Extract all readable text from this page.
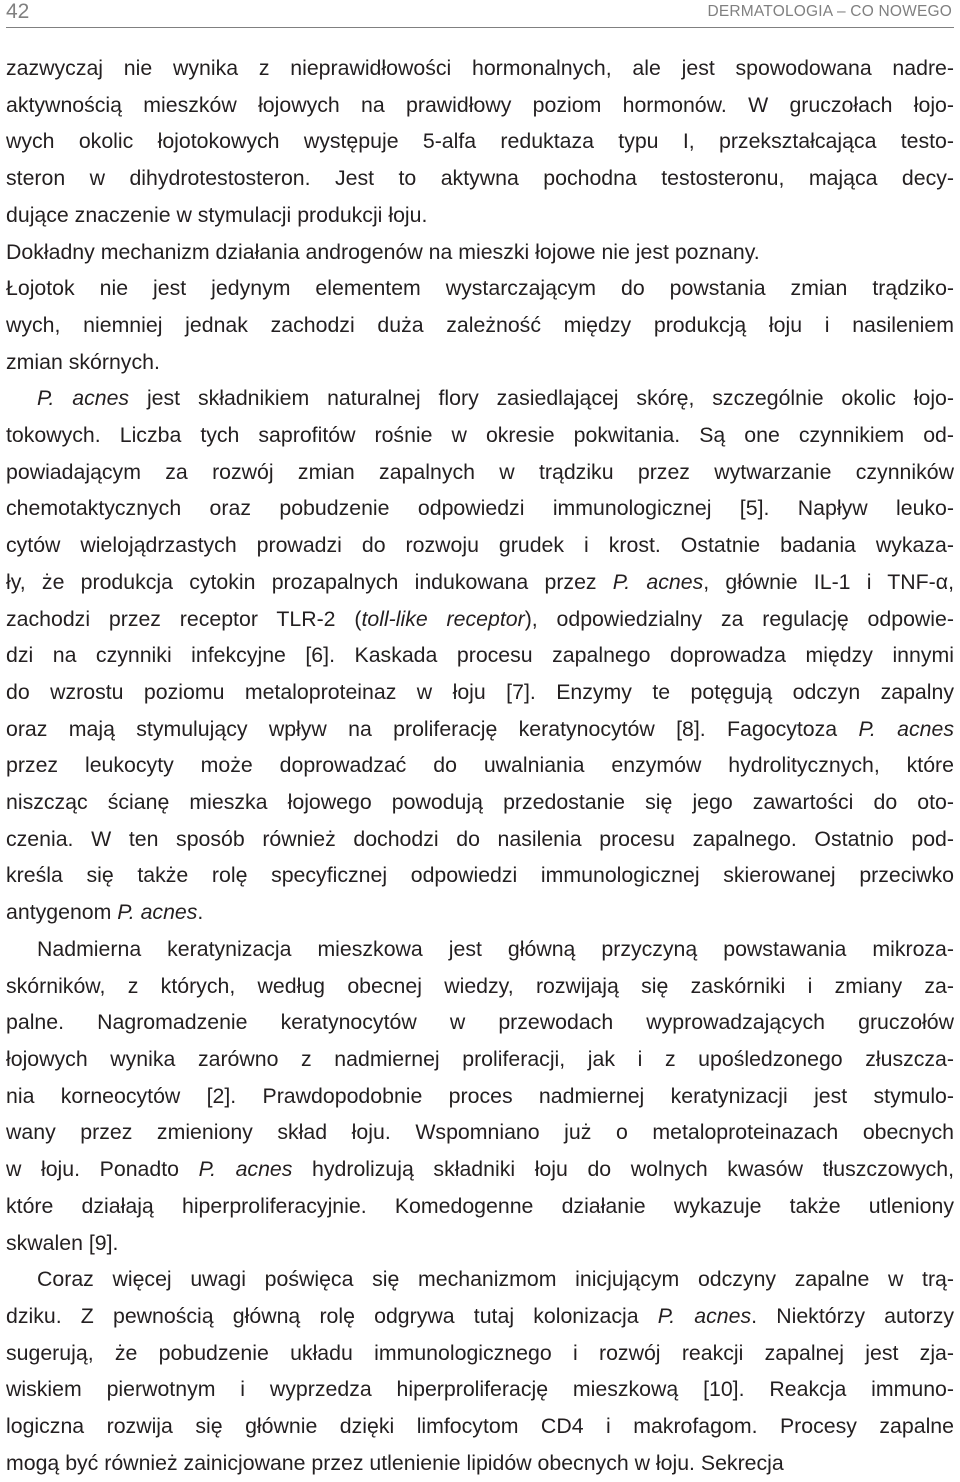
42	DERMATOLOGIA – CO NOWEGO

zazwyczaj nie wynika z nieprawidłowości hormonalnych, ale jest spowodowana nadre-
aktywnością mieszków łojowych na prawidłowy poziom hormonów. W gruczołach łojo-
wych okolic łojotokowych występuje 5-alfa reduktaza typu I, przekształcająca testo-
steron w dihydrotestosteron. Jest to aktywna pochodna testosteronu, mająca decy-
dujące znaczenie w stymulacji produkcji łoju.
Dokładny mechanizm działania androgenów na mieszki łojowe nie jest poznany.
Łojotok nie jest jedynym elementem wystarczającym do powstania zmian trądziko-
wych, niemniej jednak zachodzi duża zależność między produkcją łoju i nasileniem
zmian skórnych.

P. acnes jest składnikiem naturalnej flory zasiedlającej skórę, szczególnie okolic łojo-
tokowych. Liczba tych saprofitów rośnie w okresie pokwitania. Są one czynnikiem od-
powiadającym za rozwój zmian zapalnych w trądziku przez wytwarzanie czynników
chemotaktycznych oraz pobudzenie odpowiedzi immunologicznej [5]. Napływ leuko-
cytów wielojądrzastych prowadzi do rozwoju grudek i krost. Ostatnie badania wykaza-
ły, że produkcja cytokin prozapalnych indukowana przez P. acnes, głównie IL-1 i TNF-α,
zachodzi przez receptor TLR-2 (toll-like receptor), odpowiedzialny za regulację odpowie-
dzi na czynniki infekcyjne [6]. Kaskada procesu zapalnego doprowadza między innymi
do wzrostu poziomu metaloproteinaz w łoju [7]. Enzymy te potęgują odczyn zapalny
oraz mają stymulujący wpływ na proliferację keratynocytów [8]. Fagocytoza P. acnes
przez leukocyty może doprowadzać do uwalniania enzymów hydrolitycznych, które
niszcząc ścianę mieszka łojowego powodują przedostanie się jego zawartości do oto-
czenia. W ten sposób również dochodzi do nasilenia procesu zapalnego. Ostatnio pod-
kreśla się także rolę specyficznej odpowiedzi immunologicznej skierowanej przeciwko
antygenom P. acnes.

Nadmierna keratynizacja mieszkowa jest główną przyczyną powstawania mikroza-
skórników, z których, według obecnej wiedzy, rozwijają się zaskórniki i zmiany za-
palne. Nagromadzenie keratynocytów w przewodach wyprowadzających gruczołów
łojowych wynika zarówno z nadmiernej proliferacji, jak i z upośledzonego złuszcza-
nia korneocytów [2]. Prawdopodobnie proces nadmiernej keratynizacji jest stymulo-
wany przez zmieniony skład łoju. Wspomniano już o metaloproteinazach obecnych
w łoju. Ponadto P. acnes hydrolizują składniki łoju do wolnych kwasów tłuszczowych,
które działają hiperproliferacyjnie. Komedogenne działanie wykazuje także utleniony
skwalen [9].

Coraz więcej uwagi poświęca się mechanizmom inicjującym odczyny zapalne w trą-
dziku. Z pewnością główną rolę odgrywa tutaj kolonizacja P. acnes. Niektórzy autorzy
sugerują, że pobudzenie układu immunologicznego i rozwój reakcji zapalnej jest zja-
wiskiem pierwotnym i wyprzedza hiperproliferację mieszkową [10]. Reakcja immuno-
logiczna rozwija się głównie dzięki limfocytom CD4 i makrofagom. Procesy zapalne
mogą być również zainicjowane przez utlenienie lipidów obecnych w łoju. Sekrecja
